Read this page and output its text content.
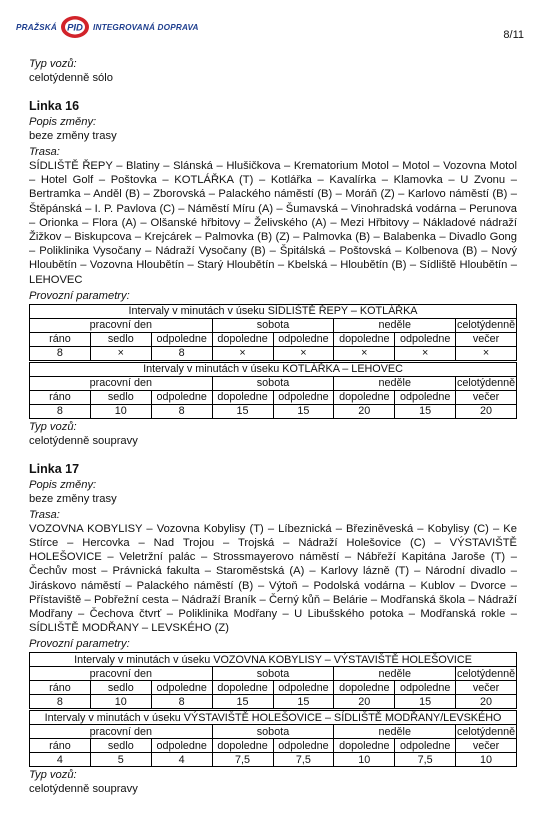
PRAŽSKÁ PID INTEGROVANÁ DOPRAVA
8/11
Typ vozů:
celotýdenně sólo
Linka 16
Popis změny:
beze změny trasy
Trasa:
SÍDLIŠTĚ ŘEPY – Blatiny – Slánská – Hlušičkova – Krematorium Motol – Motol – Vozovna Motol – Hotel Golf – Poštovka – KOTLÁŘKA (T) – Kotlářka – Kavalírka – Klamovka – U Zvonu – Bertramka – Anděl (B) – Zborovská – Palackého náměstí (B) – Moráň (Z) – Karlovo náměstí (B) – Štěpánská – I. P. Pavlova (C) – Náměstí Míru (A) – Šumavská – Vinohradská vodárna – Perunova – Orionka – Flora (A) – Olšanské hřbitovy – Želivského (A) – Mezi Hřbitovy – Nákladové nádraží Žižkov – Biskupcova – Krejcárek – Palmovka (B) (Z) – Palmovka (B) – Balabenka – Divadlo Gong – Poliklinika Vysočany – Nádraží Vysočany (B) – Špitálská – Poštovská – Kolbenova (B) – Nový Hloubětín – Vozovna Hloubětín – Starý Hloubětín – Kbelská – Hloubětín (B) – Sídliště Hloubětín – LEHOVEC
Provozní parametry:
Intervaly v minutách v úseku SÍDLIŠTĚ ŘEPY – KOTLÁŘKA							
pracovní den			sobota		neděle		celotýdenně
ráno	sedlo	odpoledne	dopoledne	odpoledne	dopoledne	odpoledne	večer
8	×	8	×	×	×	×	×
Intervaly v minutách v úseku KOTLÁŘKA – LEHOVEC							
pracovní den			sobota		neděle		celotýdenně
ráno	sedlo	odpoledne	dopoledne	odpoledne	dopoledne	odpoledne	večer
8	10	8	15	15	20	15	20
Typ vozů:
celotýdenně soupravy
Linka 17
Popis změny:
beze změny trasy
Trasa:
VOZOVNA KOBYLISY – Vozovna Kobylisy (T) – Líbeznická – Březiněveská – Kobylisy (C) – Ke Stírce – Hercovka – Nad Trojou – Trojská – Nádraží Holešovice (C) – VÝSTAVIŠTĚ HOLEŠOVICE – Veletržní palác – Strossmayerovo náměstí – Nábřeží Kapitána Jaroše (T) – Čechův most – Právnická fakulta – Staroměstská (A) – Karlovy lázně (T) – Národní divadlo – Jiráskovo náměstí – Palackého náměstí (B) – Výtoň – Podolská vodárna – Kublov – Dvorce – Přístaviště – Pobřežní cesta – Nádraží Braník – Černý kůň – Belárie – Modřanská škola – Nádraží Modřany – Čechova čtvrť – Poliklinika Modřany – U Libušského potoka – Modřanská rokle – SÍDLIŠTĚ MODŘANY – LEVSKÉHO (Z)
Provozní parametry:
Intervaly v minutách v úseku VOZOVNA KOBYLISY – VÝSTAVIŠTĚ HOLEŠOVICE							
pracovní den			sobota		neděle		celotýdenně
ráno	sedlo	odpoledne	dopoledne	odpoledne	dopoledne	odpoledne	večer
8	10	8	15	15	20	15	20
Intervaly v minutách v úseku VÝSTAVIŠTĚ HOLEŠOVICE – SÍDLIŠTĚ MODŘANY/LEVSKÉHO							
pracovní den			sobota		neděle		celotýdenně
ráno	sedlo	odpoledne	dopoledne	odpoledne	dopoledne	odpoledne	večer
4	5	4	7,5	7,5	10	7,5	10
Typ vozů:
celotýdenně soupravy
